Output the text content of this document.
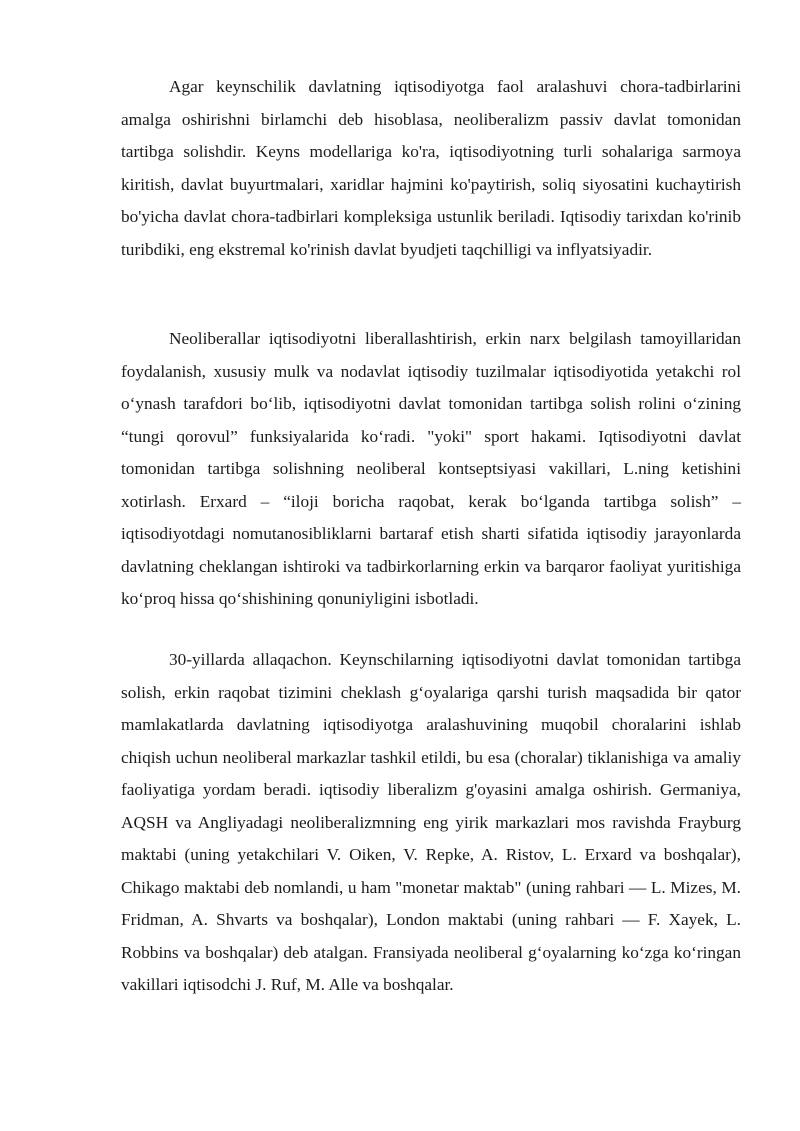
Agar keynschilik davlatning iqtisodiyotga faol aralashuvi chora-tadbirlarini amalga oshirishni birlamchi deb hisoblasa, neoliberalizm passiv davlat tomonidan tartibga solishdir. Keyns modellariga ko'ra, iqtisodiyotning turli sohalariga sarmoya kiritish, davlat buyurtmalari, xaridlar hajmini ko'paytirish, soliq siyosatini kuchaytirish bo'yicha davlat chora-tadbirlari kompleksiga ustunlik beriladi. Iqtisodiy tarixdan ko'rinib turibdiki, eng ekstremal ko'rinish davlat byudjeti taqchilligi va inflyatsiyadir.

Neoliberallar iqtisodiyotni liberallashtirish, erkin narx belgilash tamoyillaridan foydalanish, xususiy mulk va nodavlat iqtisodiy tuzilmalar iqtisodiyotida yetakchi rol o‘ynash tarafdori bo‘lib, iqtisodiyotni davlat tomonidan tartibga solish rolini o‘zining “tungi qorovul” funksiyalarida ko‘radi. "yoki" sport hakami. Iqtisodiyotni davlat tomonidan tartibga solishning neoliberal kontseptsiyasi vakillari, L.ning ketishini xotirlash. Erxard – “iloji boricha raqobat, kerak bo‘lganda tartibga solish” – iqtisodiyotdagi nomutanosibliklarni bartaraf etish sharti sifatida iqtisodiy jarayonlarda davlatning cheklangan ishtiroki va tadbirkorlarning erkin va barqaror faoliyat yuritishiga ko‘proq hissa qo‘shishining qonuniyligini isbotladi.

30-yillarda allaqachon. Keynschilarning iqtisodiyotni davlat tomonidan tartibga solish, erkin raqobat tizimini cheklash g‘oyalariga qarshi turish maqsadida bir qator mamlakatlarda davlatning iqtisodiyotga aralashuvining muqobil choralarini ishlab chiqish uchun neoliberal markazlar tashkil etildi, bu esa (choralar) tiklanishiga va amaliy faoliyatiga yordam beradi. iqtisodiy liberalizm g'oyasini amalga oshirish. Germaniya, AQSH va Angliyadagi neoliberalizmning eng yirik markazlari mos ravishda Frayburg maktabi (uning yetakchilari V. Oiken, V. Repke, A. Ristov, L. Erxard va boshqalar), Chikago maktabi deb nomlandi, u ham "monetar maktab" (uning rahbari — L. Mizes, M. Fridman, A. Shvarts va boshqalar), London maktabi (uning rahbari — F. Xayek, L. Robbins va boshqalar) deb atalgan. Fransiyada neoliberal g‘oyalarning ko‘zga ko‘ringan vakillari iqtisodchi J. Ruf, M. Alle va boshqalar.
